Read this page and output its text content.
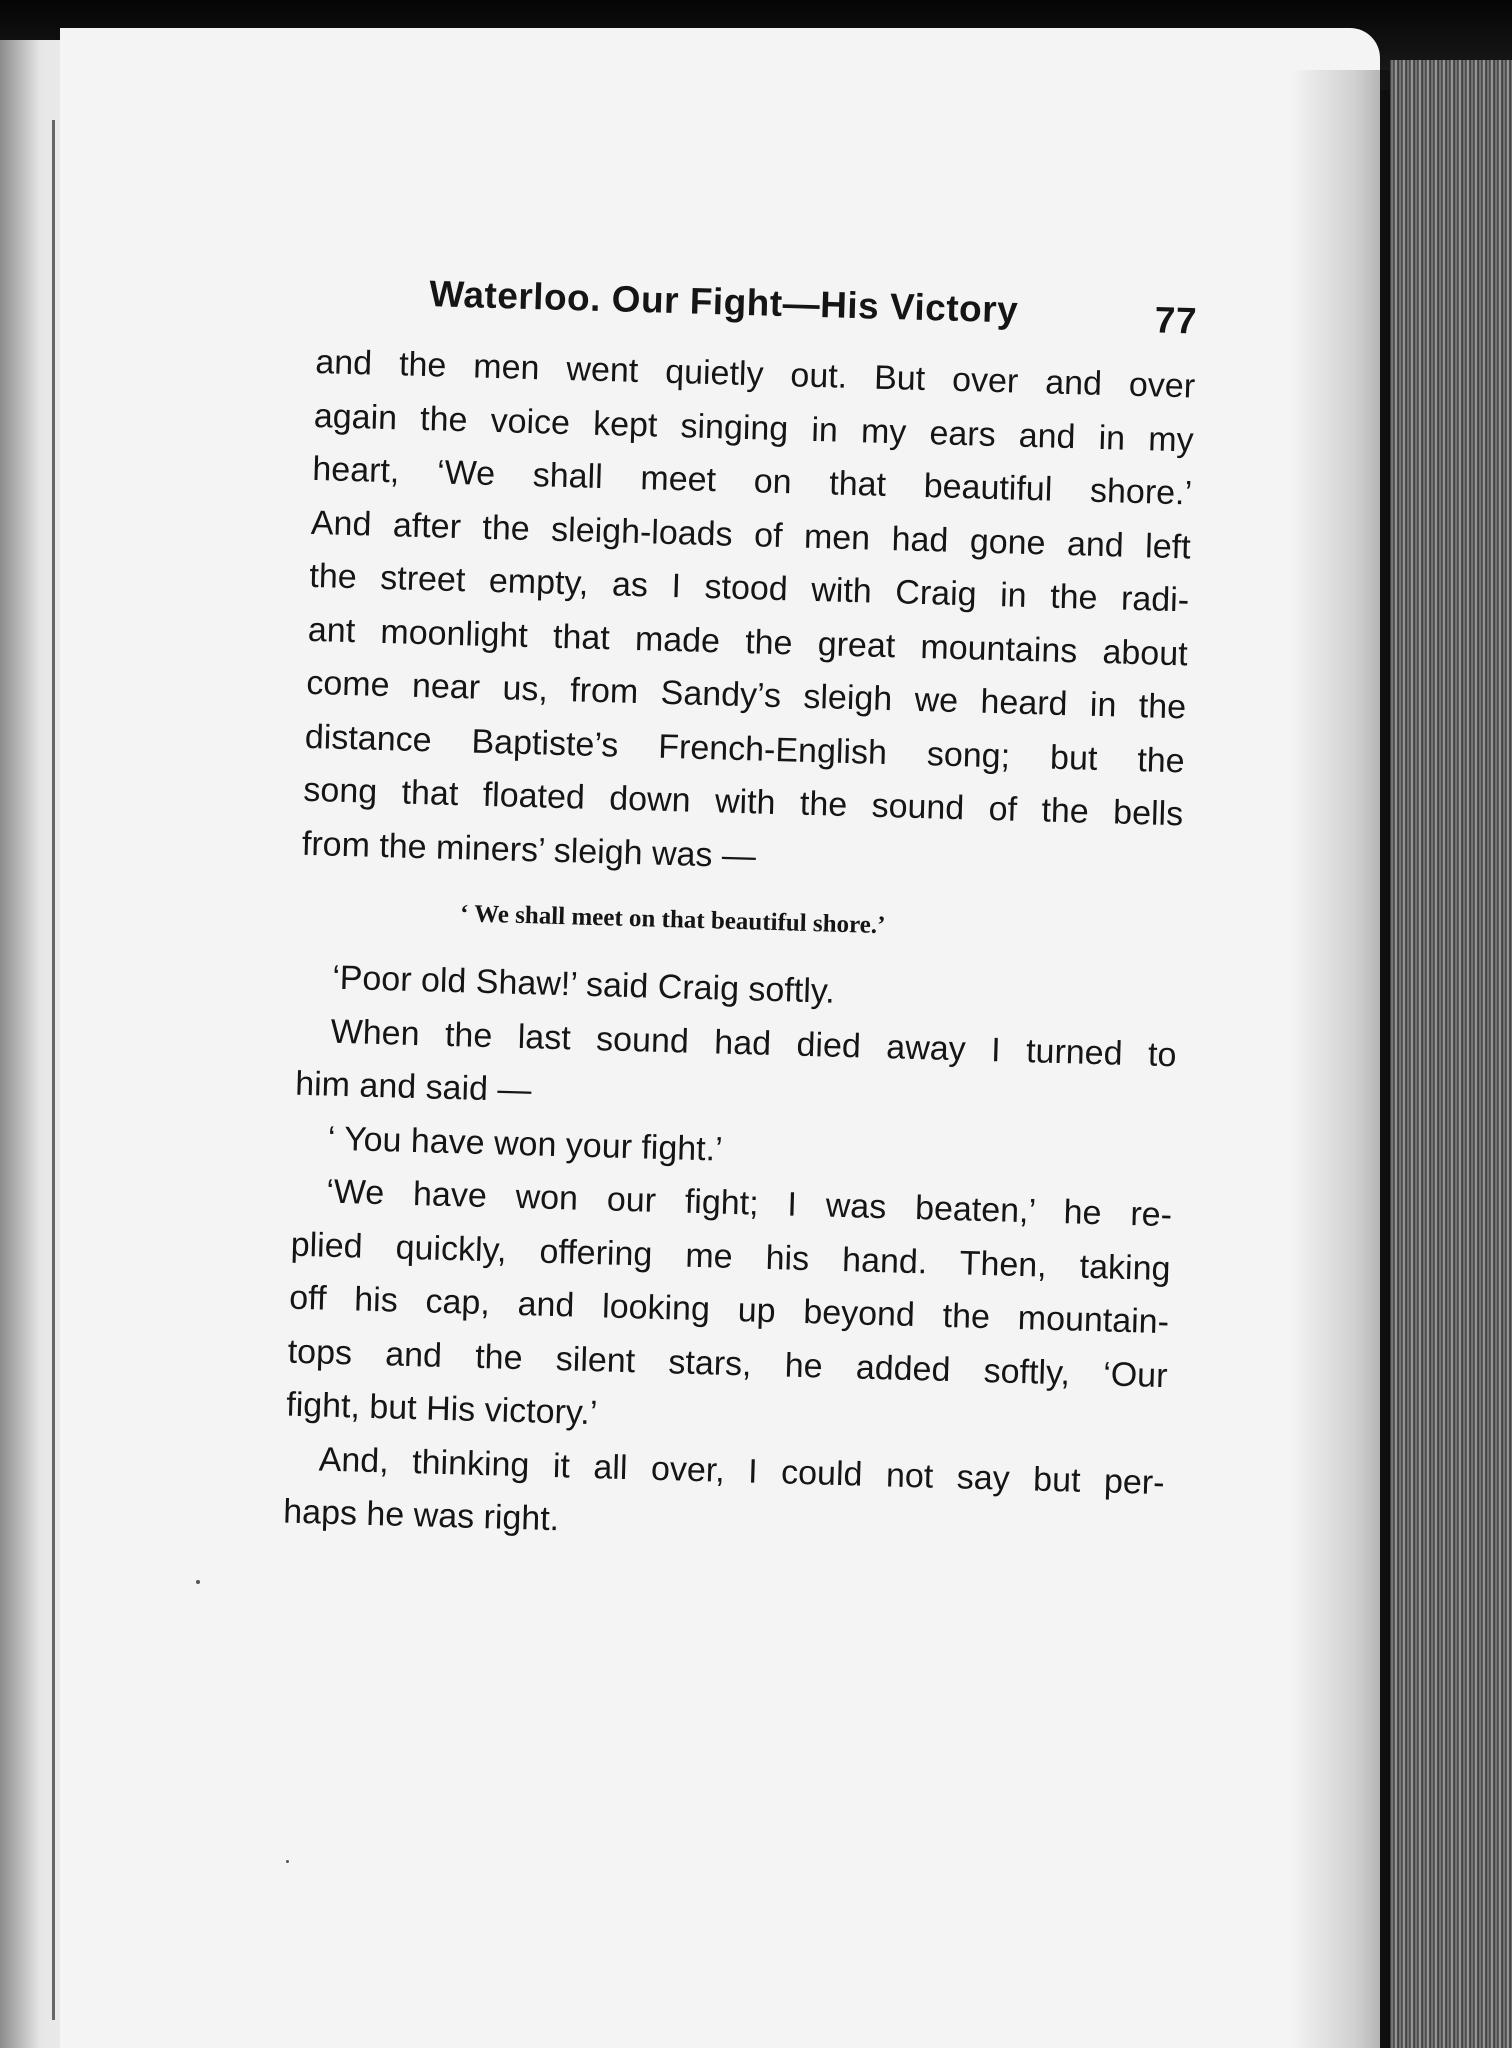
Waterloo. Our Fight—His Victory	77

and the men went quietly out. But over and over
again the voice kept singing in my ears and in my
heart, ‘We shall meet on that beautiful shore.’
And after the sleigh-loads of men had gone and left
the street empty, as I stood with Craig in the radi-
ant moonlight that made the great mountains about
come near us, from Sandy’s sleigh we heard in the
distance Baptiste’s French-English song; but the
song that floated down with the sound of the bells
from the miners’ sleigh was —

‘ We shall meet on that beautiful shore.’

‘Poor old Shaw!’ said Craig softly.
When the last sound had died away I turned to
him and said —
‘ You have won your fight.’
‘We have won our fight; I was beaten,’ he re-
plied quickly, offering me his hand. Then, taking
off his cap, and looking up beyond the mountain-
tops and the silent stars, he added softly, ‘Our
fight, but His victory.’
And, thinking it all over, I could not say but per-
haps he was right.
